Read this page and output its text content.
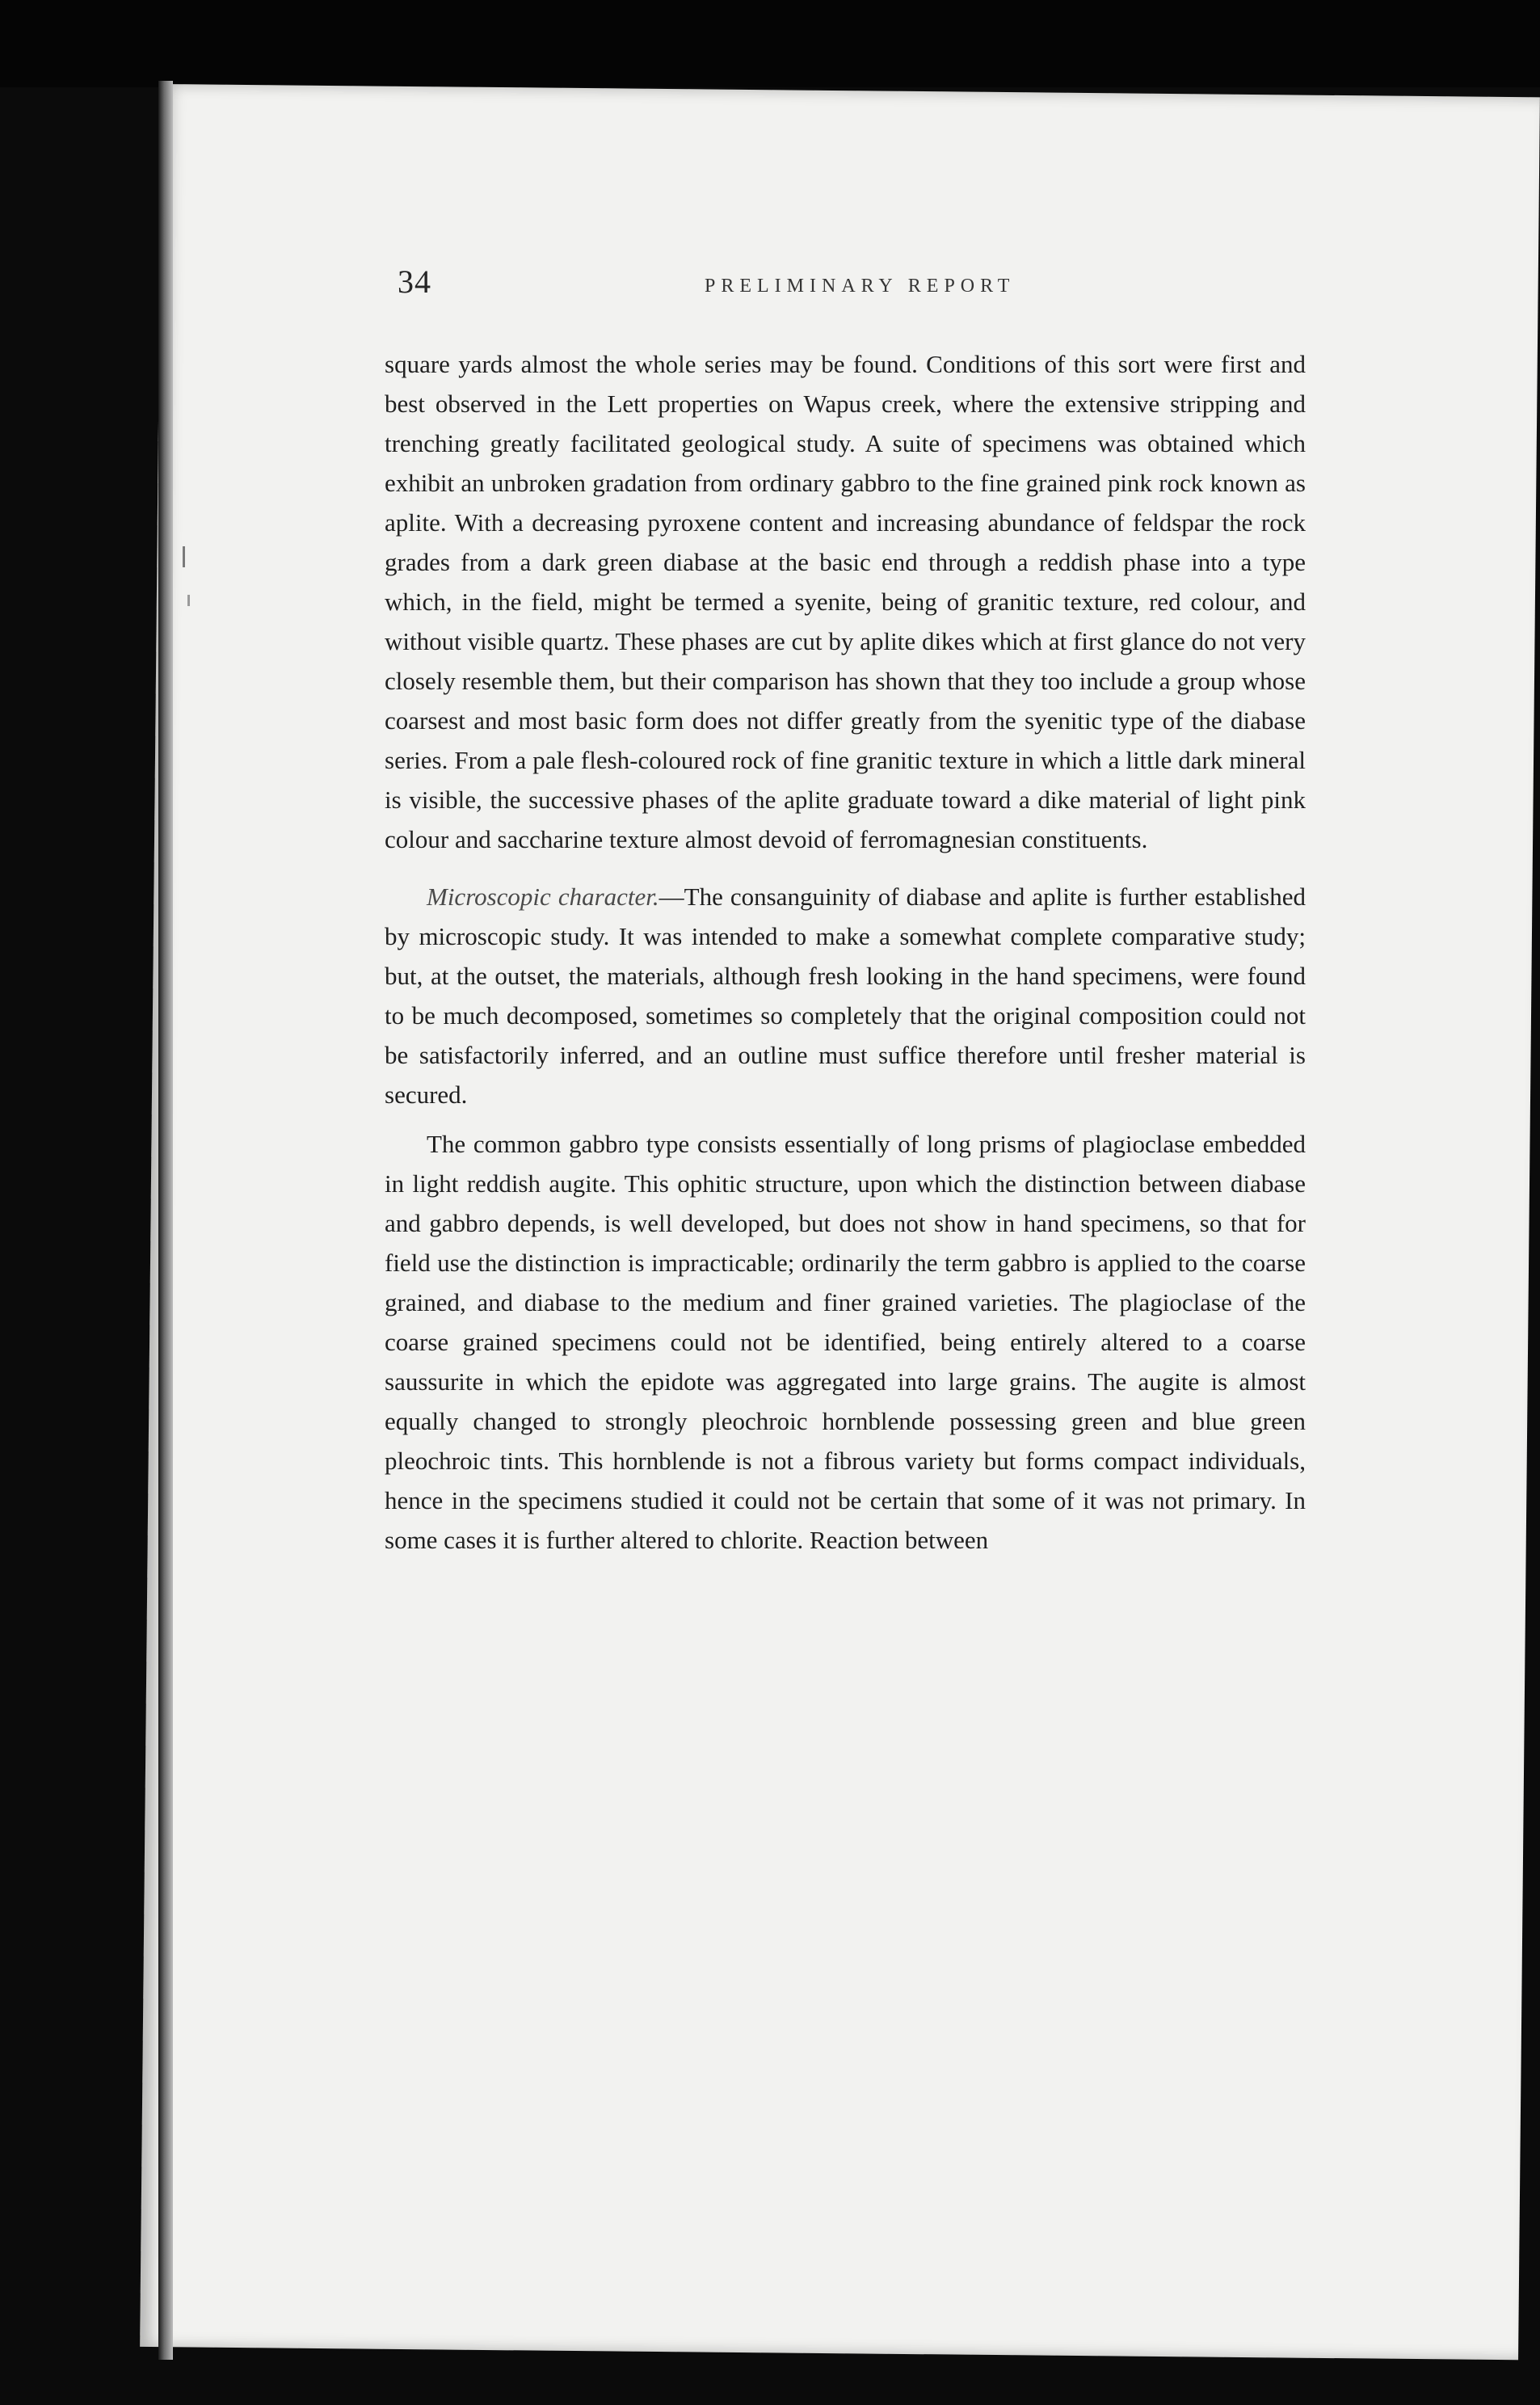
34	PRELIMINARY REPORT

square yards almost the whole series may be found. Conditions of this sort were first and best observed in the Lett properties on Wapus creek, where the extensive stripping and trenching greatly facilitated geological study. A suite of specimens was obtained which exhibit an unbroken gradation from ordinary gabbro to the fine grained pink rock known as aplite. With a decreasing pyroxene content and increasing abundance of feldspar the rock grades from a dark green diabase at the basic end through a reddish phase into a type which, in the field, might be termed a syenite, being of granitic texture, red colour, and without visible quartz. These phases are cut by aplite dikes which at first glance do not very closely resemble them, but their comparison has shown that they too include a group whose coarsest and most basic form does not differ greatly from the syenitic type of the diabase series. From a pale flesh-coloured rock of fine granitic texture in which a little dark mineral is visible, the successive phases of the aplite graduate toward a dike material of light pink colour and saccharine texture almost devoid of ferromagnesian constituents.

Microscopic character.—The consanguinity of diabase and aplite is further established by microscopic study. It was intended to make a somewhat complete comparative study; but, at the outset, the materials, although fresh looking in the hand specimens, were found to be much decomposed, sometimes so completely that the original composition could not be satisfactorily inferred, and an outline must suffice therefore until fresher material is secured.

The common gabbro type consists essentially of long prisms of plagioclase embedded in light reddish augite. This ophitic structure, upon which the distinction between diabase and gabbro depends, is well developed, but does not show in hand specimens, so that for field use the distinction is impracticable; ordinarily the term gabbro is applied to the coarse grained, and diabase to the medium and finer grained varieties. The plagioclase of the coarse grained specimens could not be identified, being entirely altered to a coarse saussurite in which the epidote was aggregated into large grains. The augite is almost equally changed to strongly pleochroic hornblende possessing green and blue green pleochroic tints. This hornblende is not a fibrous variety but forms compact individuals, hence in the specimens studied it could not be certain that some of it was not primary. In some cases it is further altered to chlorite. Reaction between
